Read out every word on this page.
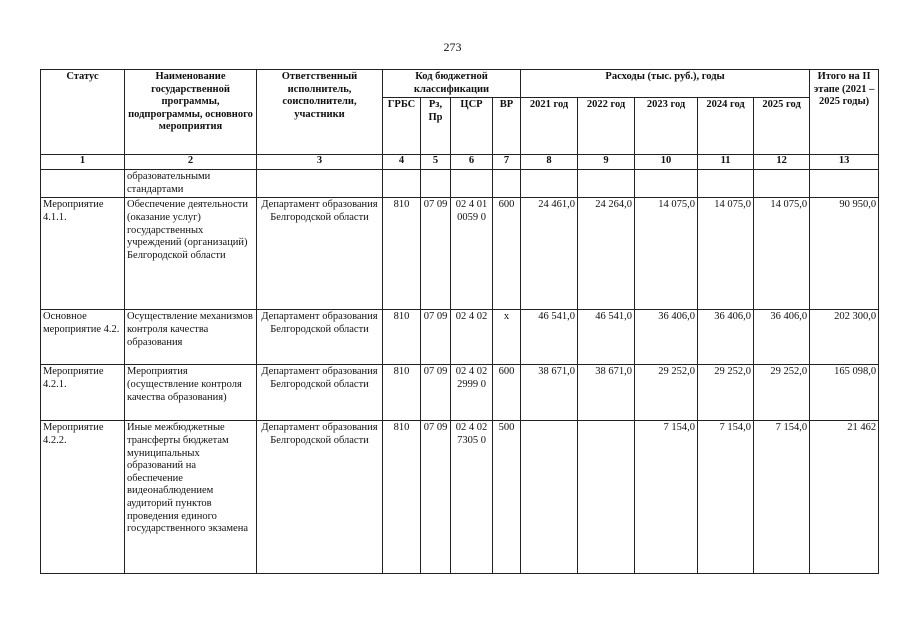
273
Статус	Наименование государственной программы, подпрограммы, основного мероприятия	Ответственный исполнитель, соисполнители, участники	Код бюджетной классификации				Расходы (тыс. руб.), годы					Итого на II этапе (2021 – 2025 годы)
			ГРБС	Рз, Пр	ЦСР	ВР	2021 год	2022 год	2023 год	2024 год	2025 год	
1	2	3	4	5	6	7	8	9	10	11	12	13
	образовательными стандартами											
Мероприятие 4.1.1.	Обеспечение деятельности (оказание услуг) государственных учреждений (организаций) Белгородской области	Департамент образования Белгородской области	810	07 09	02 4 01 0059 0	600	24 461,0	24 264,0	14 075,0	14 075,0	14 075,0	90 950,0
Основное мероприятие 4.2.	Осуществление механизмов контроля качества образования	Департамент образования Белгородской области	810	07 09	02 4 02	х	46 541,0	46 541,0	36 406,0	36 406,0	36 406,0	202 300,0
Мероприятие 4.2.1.	Мероприятия (осуществление контроля качества образования)	Департамент образования Белгородской области	810	07 09	02 4 02 2999 0	600	38 671,0	38 671,0	29 252,0	29 252,0	29 252,0	165 098,0
Мероприятие 4.2.2.	Иные межбюджетные трансферты бюджетам муниципальных образований на обеспечение видеонаблюдением аудиторий пунктов проведения единого государственного экзамена	Департамент образования Белгородской области	810	07 09	02 4 02 7305 0	500			7 154,0	7 154,0	7 154,0	21 462
